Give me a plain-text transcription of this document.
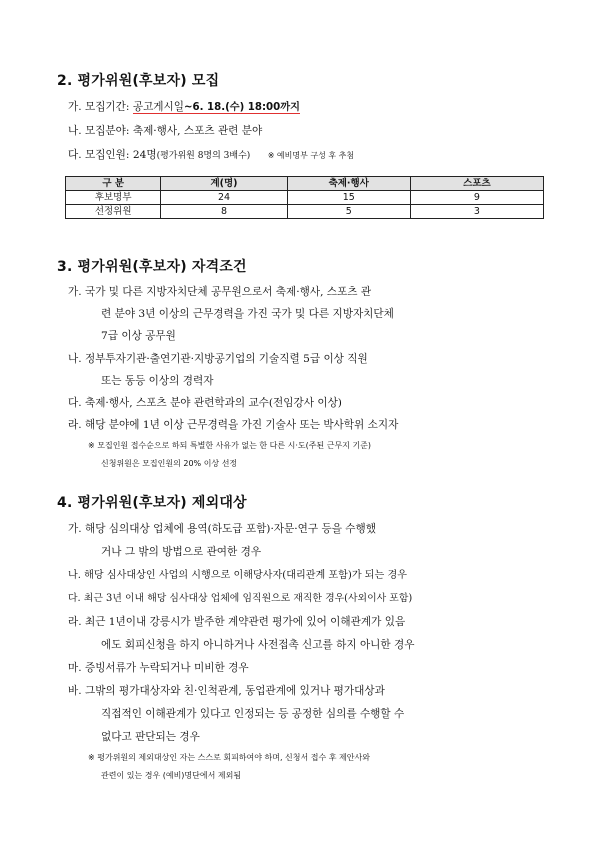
2. 평가위원(후보자) 모집
가. 모집기간: 공고게시일~6. 18.(수) 18:00까지
나. 모집분야: 축제·행사, 스포츠 관련 분야
다. 모집인원: 24명(평가위원 8명의 3배수) ※ 예비명부 구성 후 추첨
구 분	계(명)	축제·행사	스포츠
후보명부	24	15	9
선정위원	8	5	3
3. 평가위원(후보자) 자격조건
가. 국가 및 다른 지방자치단체 공무원으로서 축제·행사, 스포츠 관
련 분야 3년 이상의 근무경력을 가진 국가 및 다른 지방자치단체
7급 이상 공무원
나. 정부투자기관·출연기관·지방공기업의 기술직렬 5급 이상 직원
또는 동등 이상의 경력자
다. 축제·행사, 스포츠 분야 관련학과의 교수(전임강사 이상)
라. 해당 분야에 1년 이상 근무경력을 가진 기술사 또는 박사학위 소지자
※ 모집인원 접수순으로 하되 특별한 사유가 없는 한 다른 시·도(주된 근무지 기준)
신청위원은 모집인원의 20% 이상 선정
4. 평가위원(후보자) 제외대상
가. 해당 심의대상 업체에 용역(하도급 포함)·자문·연구 등을 수행했
거나 그 밖의 방법으로 관여한 경우
나. 해당 심사대상인 사업의 시행으로 이해당사자(대리관계 포함)가 되는 경우
다. 최근 3년 이내 해당 심사대상 업체에 임직원으로 재직한 경우(사외이사 포함)
라. 최근 1년이내 강릉시가 발주한 계약관련 평가에 있어 이해관계가 있음
에도 회피신청을 하지 아니하거나 사전접촉 신고를 하지 아니한 경우
마. 증빙서류가 누락되거나 미비한 경우
바. 그밖의 평가대상자와 친·인척관계, 동업관계에 있거나 평가대상과
직접적인 이해관계가 있다고 인정되는 등 공정한 심의를 수행할 수
없다고 판단되는 경우
※ 평가위원의 제외대상인 자는 스스로 회피하여야 하며, 신청서 접수 후 제안사와
관련이 있는 경우 (예비)명단에서 제외됨
